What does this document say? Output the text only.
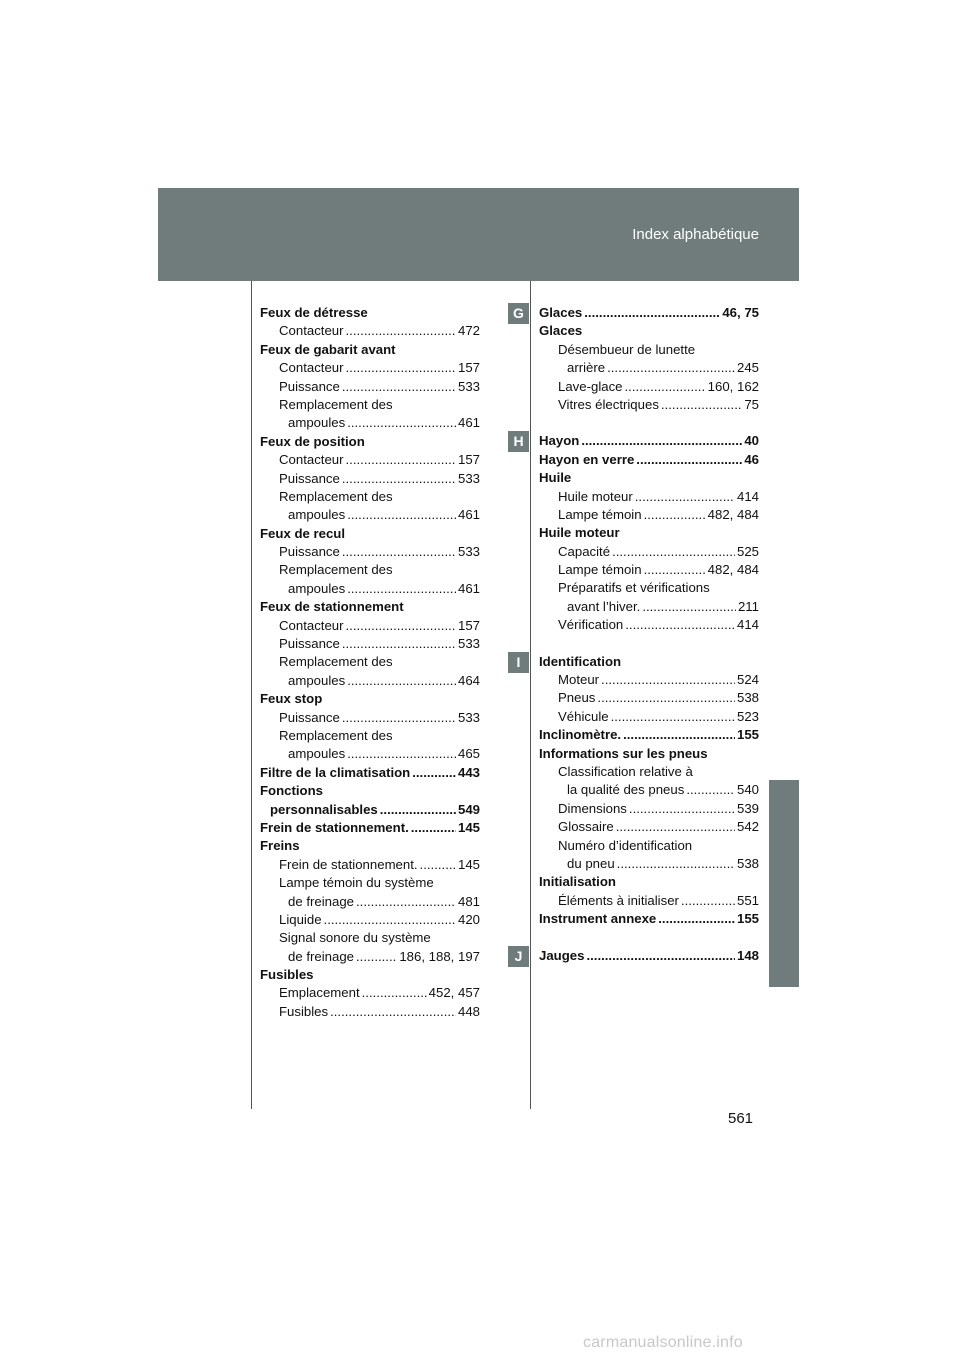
Index alphabétique
Feux de détresse
Contacteur .....	472
Feux de gabarit avant
Contacteur .....	157
Puissance .....	533
Remplacement des
ampoules .....	461
Feux de position
Contacteur .....	157
Puissance .....	533
Remplacement des
ampoules .....	461
Feux de recul
Puissance .....	533
Remplacement des
ampoules .....	461
Feux de stationnement
Contacteur .....	157
Puissance .....	533
Remplacement des
ampoules .....	464
Feux stop
Puissance .....	533
Remplacement des
ampoules .....	465
Filtre de la climatisation .....	443
Fonctions
personnalisables .....	549
Frein de stationnement. .....	145
Freins
Frein de stationnement. .....	145
Lampe témoin du système
de freinage .....	481
Liquide .....	420
Signal sonore du système
de freinage .....	186, 188, 197
Fusibles
Emplacement .....	452, 457
Fusibles .....	448
Glaces .....	46, 75
Glaces
Désembueur de lunette
arrière .....	245
Lave-glace .....	160, 162
Vitres électriques .....	75
Hayon .....	40
Hayon en verre .....	46
Huile
Huile moteur .....	414
Lampe témoin .....	482, 484
Huile moteur
Capacité .....	525
Lampe témoin .....	482, 484
Préparatifs et vérifications
avant l’hiver. .....	211
Vérification .....	414
Identification
Moteur .....	524
Pneus .....	538
Véhicule .....	523
Inclinomètre. .....	155
Informations sur les pneus
Classification relative à
la qualité des pneus .....	540
Dimensions .....	539
Glossaire .....	542
Numéro d’identification
du pneu .....	538
Initialisation
Éléments à initialiser .....	551
Instrument annexe .....	155
Jauges .....	148
G
H
I
J
561
carmanualsonline.info
